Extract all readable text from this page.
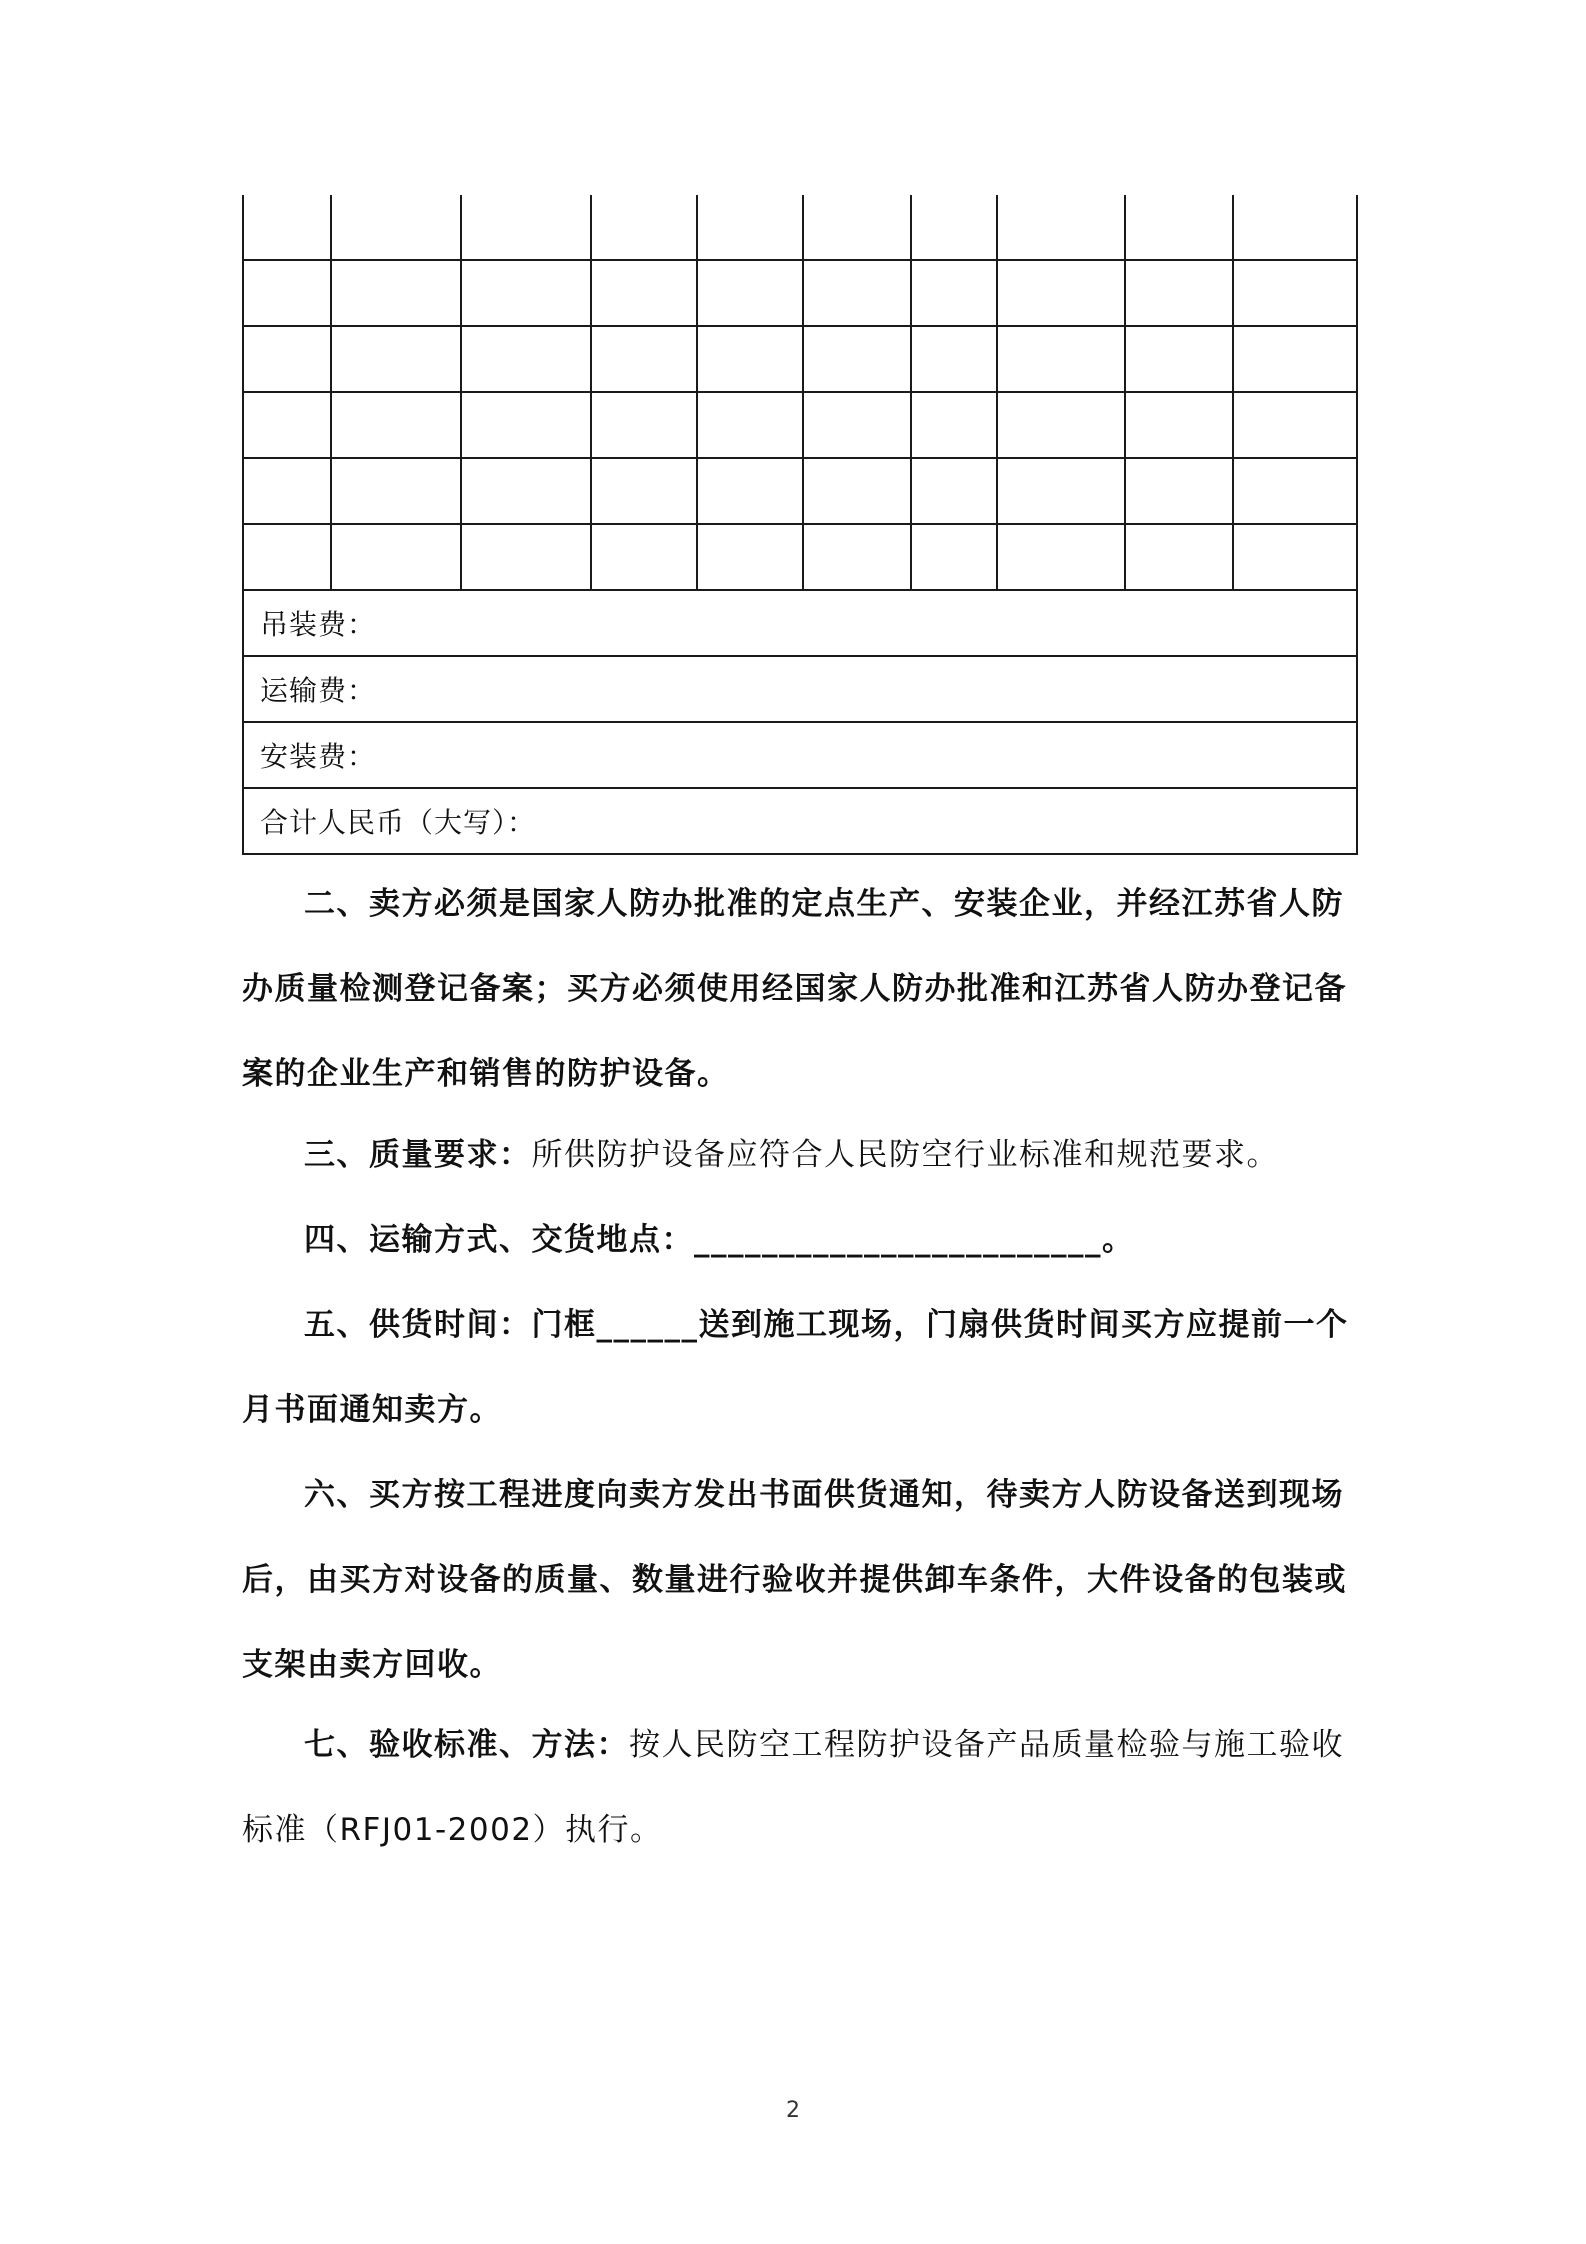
吊装费：									
运输费：									
安装费：									
合计人民币（大写）：									

二、卖方必须是国家人防办批准的定点生产、安装企业，并经江苏省人防办质量检测登记备案；买方必须使用经国家人防办批准和江苏省人防办登记备案的企业生产和销售的防护设备。

三、质量要求：所供防护设备应符合人民防空行业标准和规范要求。

四、运输方式、交货地点：________________________。

五、供货时间：门框______送到施工现场，门扇供货时间买方应提前一个月书面通知卖方。

六、买方按工程进度向卖方发出书面供货通知，待卖方人防设备送到现场后，由买方对设备的质量、数量进行验收并提供卸车条件，大件设备的包装或支架由卖方回收。

七、验收标准、方法：按人民防空工程防护设备产品质量检验与施工验收标准（RFJ01-2002）执行。

2
